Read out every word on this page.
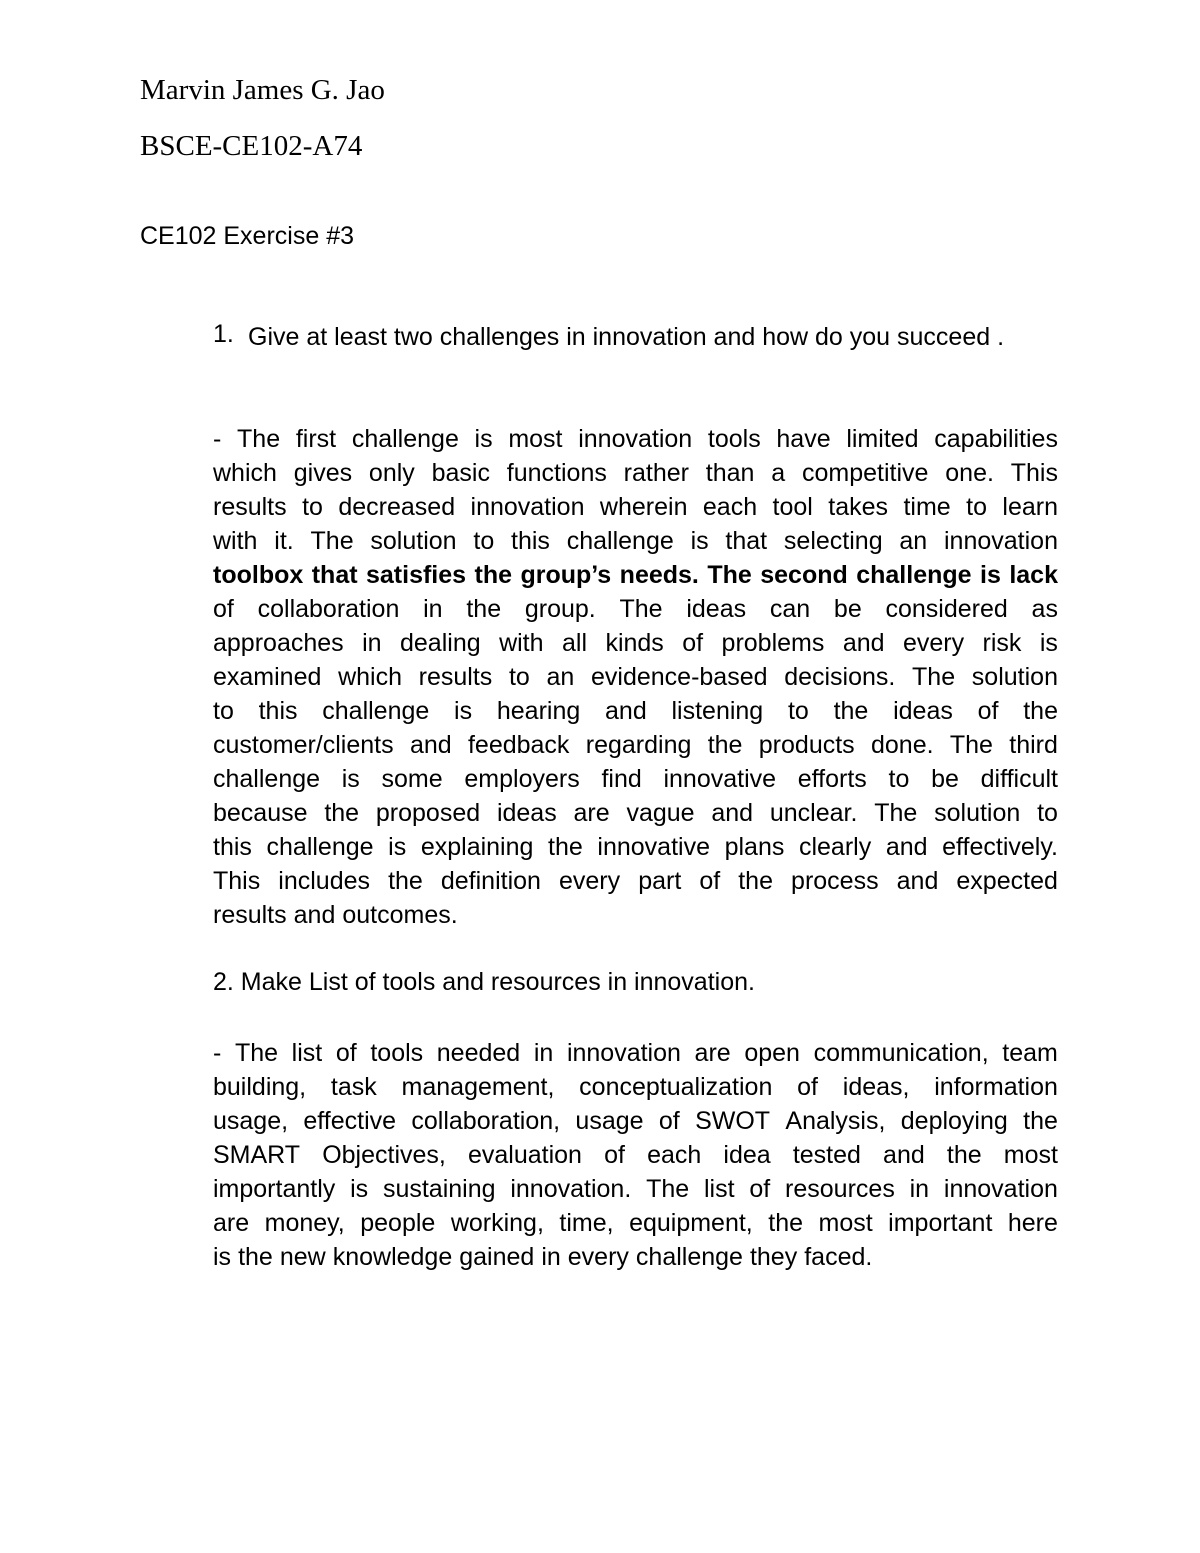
Marvin James G. Jao
BSCE-CE102-A74
CE102 Exercise #3
1. Give at least two challenges in innovation and how do you succeed .
- The first challenge is most innovation tools have limited capabilities
which gives only basic functions rather than a competitive one. This
results to decreased innovation wherein each tool takes time to learn
with it. The solution to this challenge is that selecting an innovation
toolbox that satisfies the group’s needs. The second challenge is lack
of collaboration in the group. The ideas can be considered as
approaches in dealing with all kinds of problems and every risk is
examined which results to an evidence-based decisions. The solution
to this challenge is hearing and listening to the ideas of the
customer/clients and feedback regarding the products done. The third
challenge is some employers find innovative efforts to be difficult
because the proposed ideas are vague and unclear. The solution to
this challenge is explaining the innovative plans clearly and effectively.
This includes the definition every part of the process and expected
results and outcomes.
2. Make List of tools and resources in innovation.
- The list of tools needed in innovation are open communication, team
building, task management, conceptualization of ideas, information
usage, effective collaboration, usage of SWOT Analysis, deploying the
SMART Objectives, evaluation of each idea tested and the most
importantly is sustaining innovation. The list of resources in innovation
are money, people working, time, equipment, the most important here
is the new knowledge gained in every challenge they faced.
